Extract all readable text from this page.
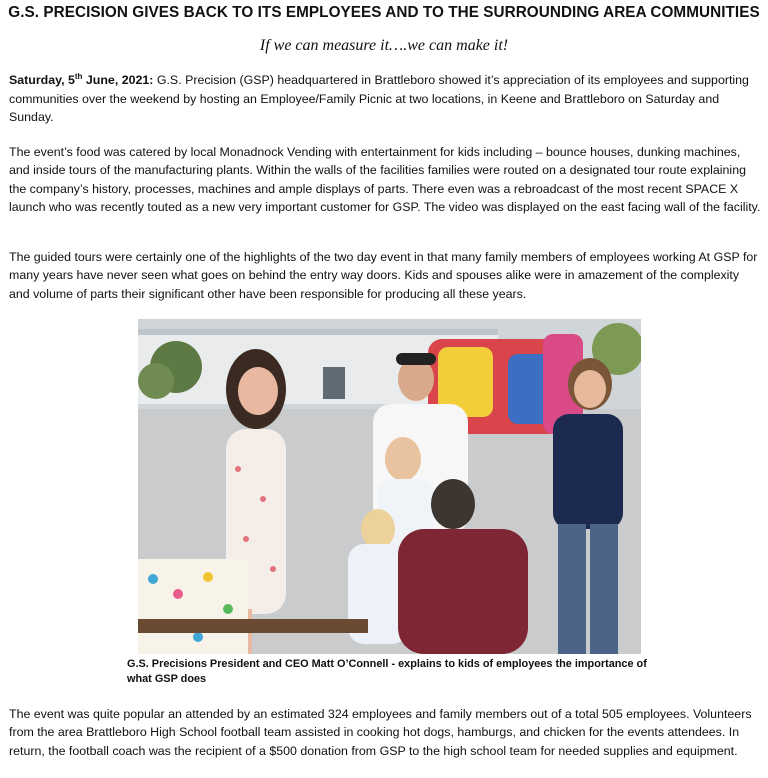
G.S. PRECISION GIVES BACK TO ITS EMPLOYEES AND TO THE SURROUNDING AREA COMMUNITIES
If we can measure it….we can make it!

Saturday, 5th June, 2021: G.S. Precision (GSP) headquartered in Brattleboro showed it’s appreciation of its employees and supporting communities over the weekend by hosting an Employee/Family Picnic at two locations, in Keene and Brattleboro on Saturday and Sunday.

The event’s food was catered by local Monadnock Vending with entertainment for kids including – bounce houses, dunking machines, and inside tours of the manufacturing plants. Within the walls of the facilities families were routed on a designated tour route explaining the company’s history, processes, machines and ample displays of parts. There even was a rebroadcast of the most recent SPACE X launch who was recently touted as a new very important customer for GSP. The video was displayed on the east facing wall of the facility.

The guided tours were certainly one of the highlights of the two day event in that many family members of employees working At GSP for many years have never seen what goes on behind the entry way doors. Kids and spouses alike were in amazement of the complexity and volume of parts their significant other have been responsible for producing all these years.

G.S. Precisions President and CEO Matt O’Connell - explains to kids of employees the importance of what GSP does

The event was quite popular an attended by an estimated 324 employees and family members out of a total 505 employees. Volunteers from the area Brattleboro High School football team assisted in cooking hot dogs, hamburgs, and chicken for the events attendees. In return, the football coach was the recipient of a $500 donation from GSP to the high school team for needed supplies and equipment.
